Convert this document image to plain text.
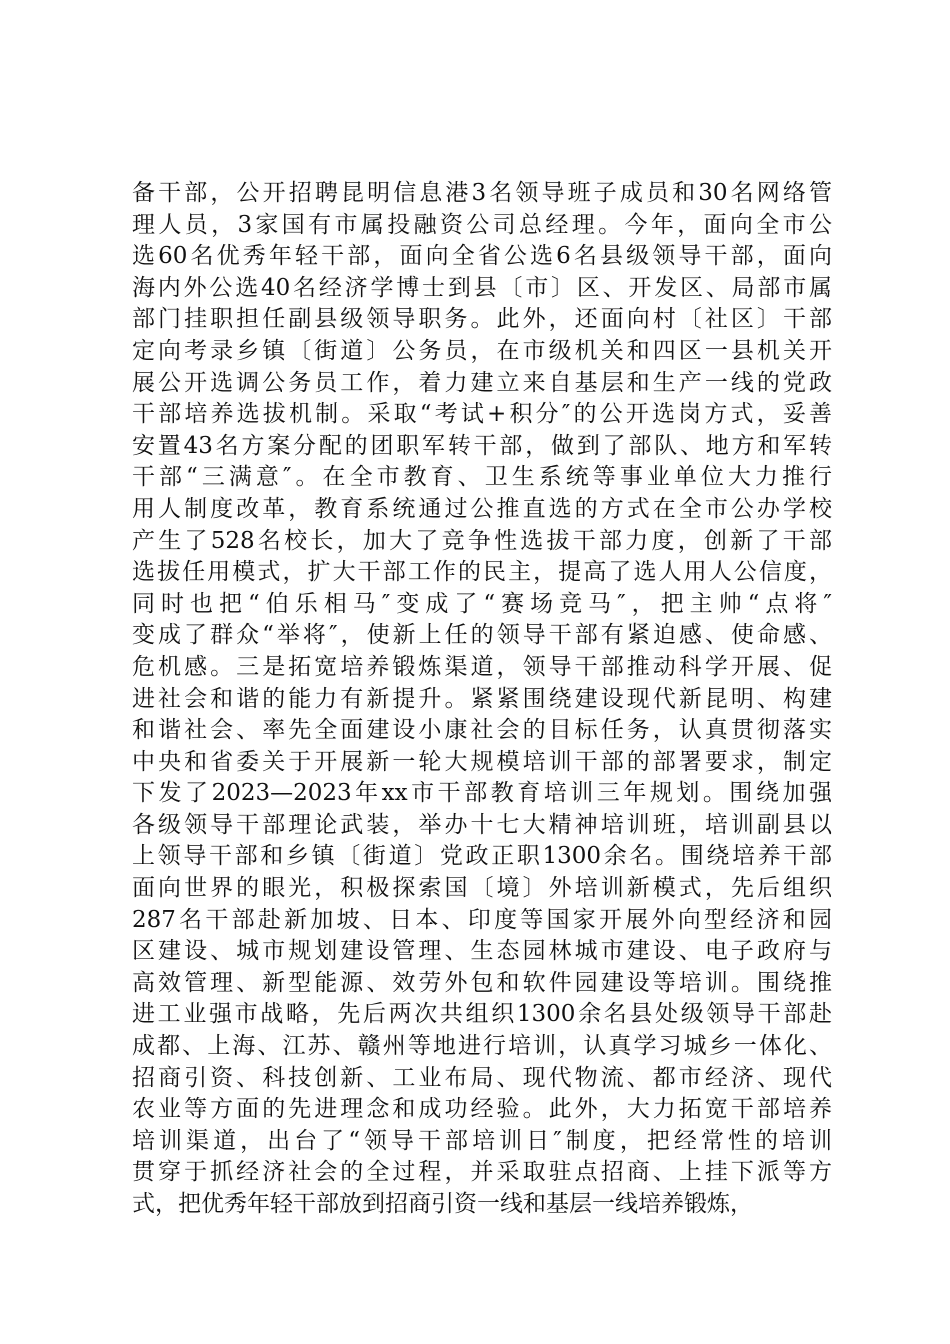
备干部，公开招聘昆明信息港3名领导班子成员和30名网络管
理人员，3家国有市属投融资公司总经理。今年，面向全市公
选60名优秀年轻干部，面向全省公选6名县级领导干部，面向
海内外公选40名经济学博士到县〔市〕区、开发区、局部市属
部门挂职担任副县级领导职务。此外，还面向村〔社区〕干部
定向考录乡镇〔街道〕公务员，在市级机关和四区一县机关开
展公开选调公务员工作，着力建立来自基层和生产一线的党政
干部培养选拔机制。采取“考试+积分″的公开选岗方式，妥善
安置43名方案分配的团职军转干部，做到了部队、地方和军转
干部“三满意″。在全市教育、卫生系统等事业单位大力推行
用人制度改革，教育系统通过公推直选的方式在全市公办学校
产生了528名校长，加大了竞争性选拔干部力度，创新了干部
选拔任用模式，扩大干部工作的民主，提高了选人用人公信度，
同时也把“伯乐相马″变成了“赛场竞马″，把主帅“点将″
变成了群众“举将″，使新上任的领导干部有紧迫感、使命感、
危机感。三是拓宽培养锻炼渠道，领导干部推动科学开展、促
进社会和谐的能力有新提升。紧紧围绕建设现代新昆明、构建
和谐社会、率先全面建设小康社会的目标任务，认真贯彻落实
中央和省委关于开展新一轮大规模培训干部的部署要求，制定
下发了2023—2023年xx市干部教育培训三年规划。围绕加强
各级领导干部理论武装，举办十七大精神培训班，培训副县以
上领导干部和乡镇〔街道〕党政正职1300余名。围绕培养干部
面向世界的眼光，积极探索国〔境〕外培训新模式，先后组织
287名干部赴新加坡、日本、印度等国家开展外向型经济和园
区建设、城市规划建设管理、生态园林城市建设、电子政府与
高效管理、新型能源、效劳外包和软件园建设等培训。围绕推
进工业强市战略，先后两次共组织1300余名县处级领导干部赴
成都、上海、江苏、赣州等地进行培训，认真学习城乡一体化、
招商引资、科技创新、工业布局、现代物流、都市经济、现代
农业等方面的先进理念和成功经验。此外，大力拓宽干部培养
培训渠道，出台了“领导干部培训日″制度，把经常性的培训
贯穿于抓经济社会的全过程，并采取驻点招商、上挂下派等方
式，把优秀年轻干部放到招商引资一线和基层一线培养锻炼，
